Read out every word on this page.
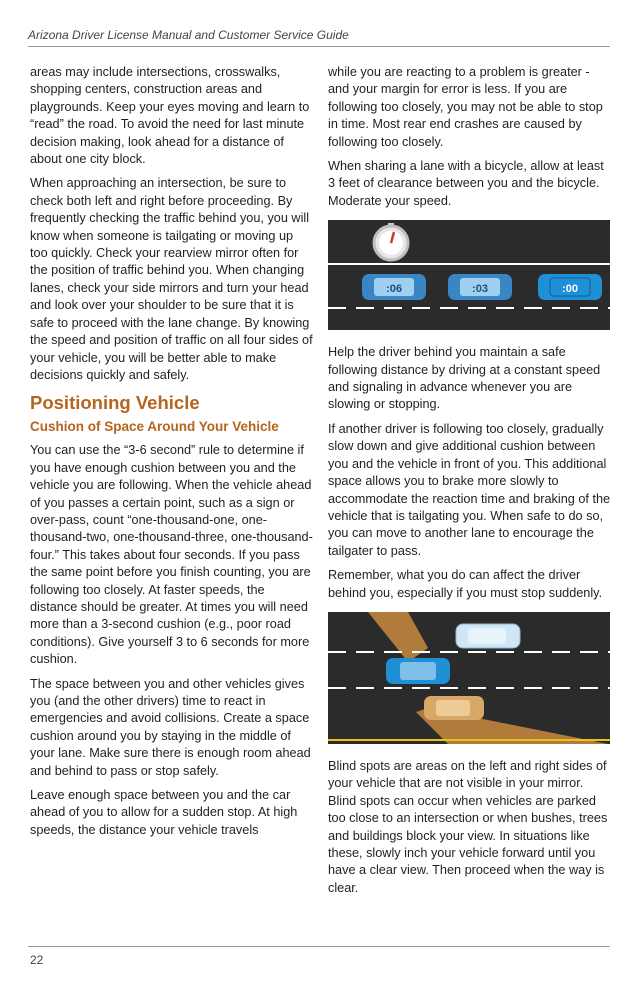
Arizona Driver License Manual and Customer Service Guide

areas may include intersections, crosswalks, shopping centers, construction areas and playgrounds. Keep your eyes moving and learn to “read” the road. To avoid the need for last minute decision making, look ahead for a distance of about one city block.

When approaching an intersection, be sure to check both left and right before proceeding. By frequently checking the traffic behind you, you will know when someone is tailgating or moving up too quickly. Check your rearview mirror often for the position of traffic behind you. When changing lanes, check your side mirrors and turn your head and look over your shoulder to be sure that it is safe to proceed with the lane change. By knowing the speed and position of traffic on all four sides of your vehicle, you will be better able to make decisions quickly and safely.

Positioning Vehicle
Cushion of Space Around Your Vehicle

You can use the “3-6 second” rule to determine if you have enough cushion between you and the vehicle you are following. When the vehicle ahead of you passes a certain point, such as a sign or over-pass, count “one-thousand-one, one-thousand-two, one-thousand-three, one-thousand-four.” This takes about four seconds. If you pass the same point before you finish counting, you are following too closely. At faster speeds, the distance should be greater. At times you will need more than a 3-second cushion (e.g., poor road conditions). Give yourself 3 to 6 seconds for more cushion.

The space between you and other vehicles gives you (and the other drivers) time to react in emergencies and avoid collisions. Create a space cushion around you by staying in the middle of your lane. Make sure there is enough room ahead and behind to pass or stop safely.

Leave enough space between you and the car ahead of you to allow for a sudden stop. At high speeds, the distance your vehicle travels

while you are reacting to a problem is greater - and your margin for error is less. If you are following too closely, you may not be able to stop in time. Most rear end crashes are caused by following too closely.

When sharing a lane with a bicycle, allow at least 3 feet of clearance between you and the bicycle. Moderate your speed.

:06	:03	:00

Help the driver behind you maintain a safe following distance by driving at a constant speed and signaling in advance whenever you are slowing or stopping.

If another driver is following too closely, gradually slow down and give additional cushion between you and the vehicle in front of you. This additional space allows you to brake more slowly to accommodate the reaction time and braking of the vehicle that is tailgating you. When safe to do so, you can move to another lane to encourage the tailgater to pass.

Remember, what you do can affect the driver behind you, especially if you must stop suddenly.

Blind spots are areas on the left and right sides of your vehicle that are not visible in your mirror. Blind spots can occur when vehicles are parked too close to an intersection or when bushes, trees and buildings block your view. In situations like these, slowly inch your vehicle forward until you have a clear view. Then proceed when the way is clear.

22
